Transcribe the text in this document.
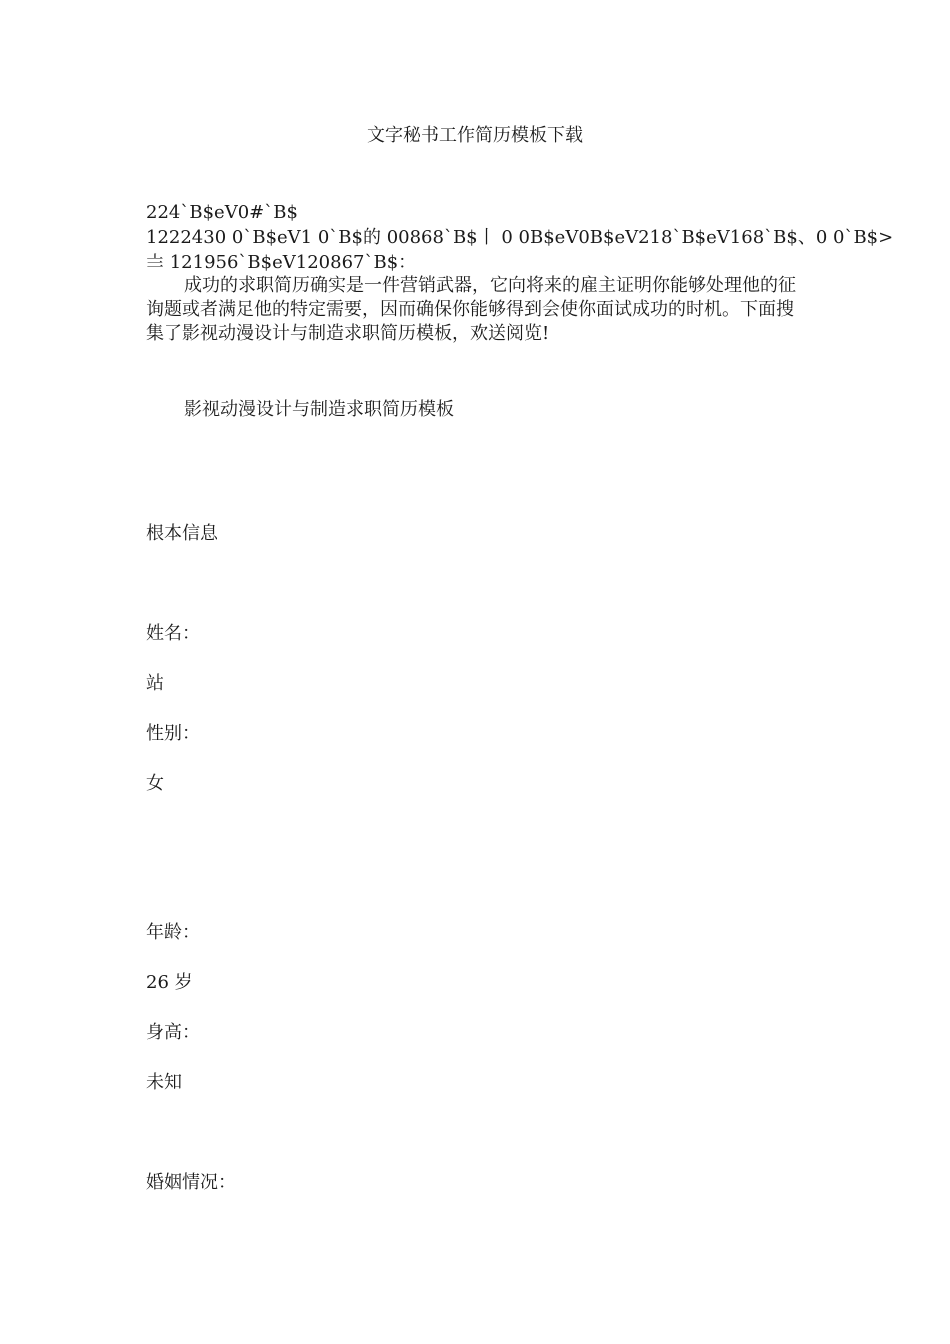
文字秘书工作简历模板下载

224`B$eV0#`B$

1222430 0`B$eV1 0`B$的 00868`B$丨 0 0B$eV0B$eV218`B$eV168`B$、0 0`B$>

〨 121956`B$eV120867`B$：

成功的求职简历确实是一件营销武器，它向将来的雇主证明你能够处理他的征询题或者满足他的特定需要，因而确保你能够得到会使你面试成功的时机。下面搜集了影视动漫设计与制造求职简历模板，欢送阅览!

影视动漫设计与制造求职简历模板

根本信息

姓名：

站

性别：

女

年龄：

26 岁

身高：

未知

婚姻情况：
